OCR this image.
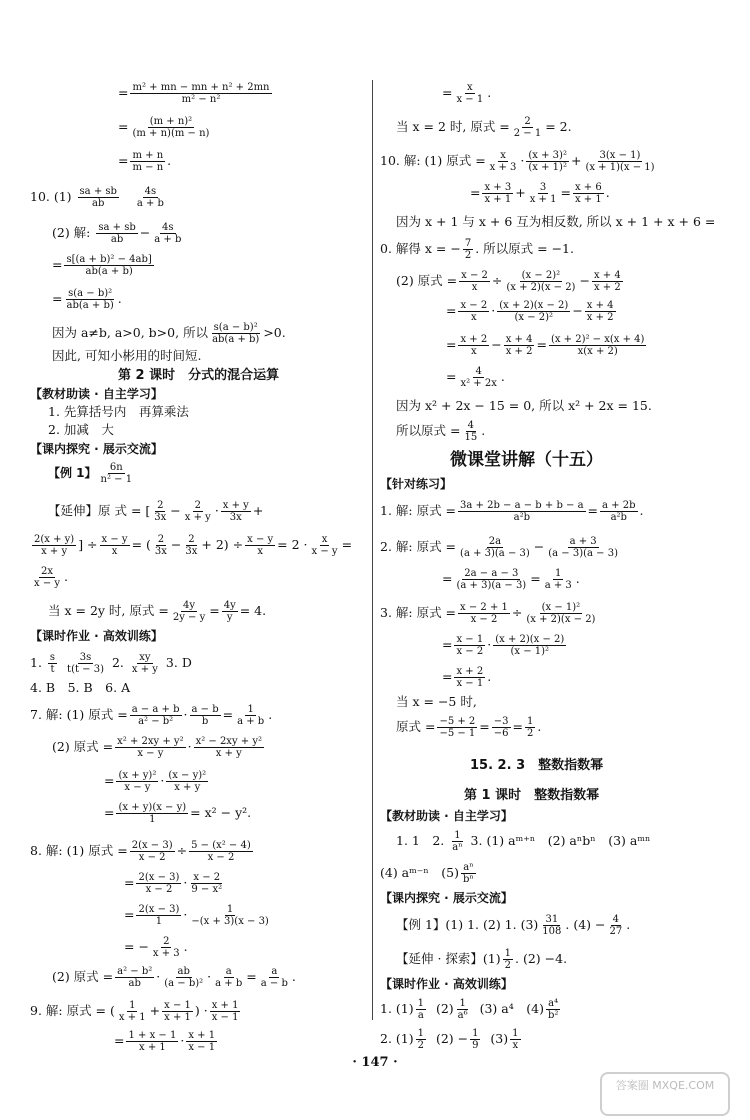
= $\frac{\text{m² + mn − mn + n² + 2mn}}{\text{m² − n²}}$
= $\frac{\text{(m + n)²}}{(m + n)(m - n)}$
= $\frac{m + n}{m - n}$ .
10. $(1) \frac{sa + sb}{ab}$
$\frac{4s}{a + b}$
(2) 解: $\frac{sa + sb}{ab} - \frac{4s}{a + b}$
= $\frac{\text{s[(a + b)² − 4ab]}}{ab(a + b)}$
= $\frac{\text{s(a − b)²}}{ab(a + b)}$ .
因为 a≠b, a>0, b>0, 所以 $\frac{\text{s(a − b)²}}{ab(a + b)} >0$.
因此, 可知小彬用的时间短.
第 2 课时　分式的混合运算
【教材助读 · 自主学习】
1. 先算括号内　再算乘法
2. 加减　大
【课内探究 · 展示交流】
【例 1】 $\frac{6n}{\text{n² − 1}}$
【延伸】原 式 = [ $\frac{2}{3x} - \frac{2}{x + y} \cdot \frac{x + y}{3x}$ +
$\frac{2(x + y)}{x + y}$ ] ÷ $\frac{x - y}{x}$ = ( $\frac{2}{3x} - \frac{2}{3x} + 2) \div \frac{x - y}{x} = 2 \cdot \frac{x}{x - y}$ =
$\frac{2x}{x - y}$ .
当 x = 2y 时, 原式 = $\frac{4y}{2y - y} = \frac{4y}{y} = 4$.
【课时作业 · 高效训练】
1. $\frac{s}{t}$
$\frac{3s}{t(t - 3)} 2$. $\frac{xy}{x + y} 3$. D
4. B　5. B　6. A
7. 解: (1) 原式 = $\frac{a - a + b}{\text{a² − b²}} \cdot \frac{a - b}{b} = \frac{1}{a + b}$ .
(2) 原式 = $\frac{\text{x² + 2xy + y²}}{x - y} \cdot \frac{\text{x² − 2xy + y²}}{x + y}$
= $\frac{\text{(x + y)²}}{x - y} \cdot \frac{\text{(x − y)²}}{x + y}$
= $\frac{(x + y)(x - y)}{1} = x^2 - y^2$.
8. 解: (1) 原式 = $\frac{2(x - 3)}{x - 2} \div \frac{\text{5 − (x² − 4)}}{x - 2}$
= $\frac{2(x - 3)}{x - 2} \cdot \frac{x - 2}{\text{9 − x²}}$
= $\frac{2(x - 3)}{1} \cdot \frac{1}{-(x + 3)(x - 3)}$
= − $\frac{2}{x + 3}$ .
(2) 原式 = $\frac{\text{a² − b²}}{ab} \cdot \frac{ab}{\text{(a − b)²}} \cdot \frac{a}{a + b} = \frac{a}{a - b}$ .
9. 解: 原式 = ( $\frac{1}{x + 1} + \frac{x - 1}{x + 1}$ ) · $\frac{x + 1}{x - 1}$
= $\frac{1 + x - 1}{x + 1} \cdot \frac{x + 1}{x - 1}$
= $\frac{x}{x - 1}$ .
当 x = 2 时, 原式 = $\frac{2}{2 - 1} = 2$.
10. 解: (1) 原式 = $\frac{x}{x + 3} \cdot \frac{\text{(x + 3)²}}{\text{(x + 1)²}} + \frac{3(x - 1)}{(x + 1)(x - 1)}$
= $\frac{x + 3}{x + 1} + \frac{3}{x + 1} = \frac{x + 6}{x + 1}$ .
因为 x + 1 与 x + 6 互为相反数, 所以 x + 1 + x + 6 =
0. 解得 x = − $\frac{7}{2}$ . 所以原式 = −1.
(2) 原式 = $\frac{x - 2}{x} \div \frac{\text{(x − 2)²}}{(x + 2)(x - 2)} - \frac{x + 4}{x + 2}$
= $\frac{x - 2}{x} \cdot \frac{(x + 2)(x - 2)}{\text{(x − 2)²}} - \frac{x + 4}{x + 2}$
= $\frac{x + 2}{x} - \frac{x + 4}{x + 2} = \frac{\text{(x + 2)² − x(x + 4)}}{x(x + 2)}$
= $\frac{4}{\text{x² + 2x}}$ .
因为 x² + 2x − 15 = 0, 所以 x² + 2x = 15.
所以原式 = $\frac{4}{15}$ .
微课堂讲解（十五）
【针对练习】
1. 解: 原式 = $\frac{3a + 2b - a - b + b - a}{\text{a²b}} = \frac{a + 2b}{\text{a²b}}$ .
2. 解: 原式 = $\frac{2a}{(a + 3)(a - 3)} - \frac{a + 3}{(a - 3)(a - 3)}$
= $\frac{2a - a - 3}{(a + 3)(a - 3)} = \frac{1}{a + 3}$ .
3. 解: 原式 = $\frac{x - 2 + 1}{x - 2} \div \frac{\text{(x − 1)²}}{(x + 2)(x - 2)}$
= $\frac{x - 1}{x - 2} \cdot \frac{(x + 2)(x - 2)}{\text{(x − 1)²}}$
= $\frac{x + 2}{x - 1}$ .
当 x = −5 时,
原式 = $\frac{-5 + 2}{-5 - 1} = \frac{-3}{-6} = \frac{1}{2}$ .
15. 2. 3　整数指数幂
第 1 课时　整数指数幂
【教材助读 · 自主学习】
1. 1　2. $\frac{1}{\text{aⁿ}} 3$. (1) aᵐ⁺ⁿ　(2) aⁿbⁿ　(3) aᵐⁿ
(4) aᵐ⁻ⁿ　$(5) \frac{\text{aⁿ}}{\text{bⁿ}}$
【课内探究 · 展示交流】
【例 1】(1) 1. (2) 1. $(3) \frac{31}{108}$ . $(4) - \frac{4}{27}$ .
【延伸 · 探索】$(1) \frac{1}{2}$ . (2) −4.
【课时作业 · 高效训练】
1. $(1) \frac{1}{a} (2) \frac{1}{\text{a⁶}} (3)$ a⁴　$(4) \frac{\text{a⁴}}{\text{b²}}$
2. $(1) \frac{1}{2} (2) - \frac{1}{9} (3) \frac{1}{x}$
· 147 ·
答案圈 MXQE.COM
